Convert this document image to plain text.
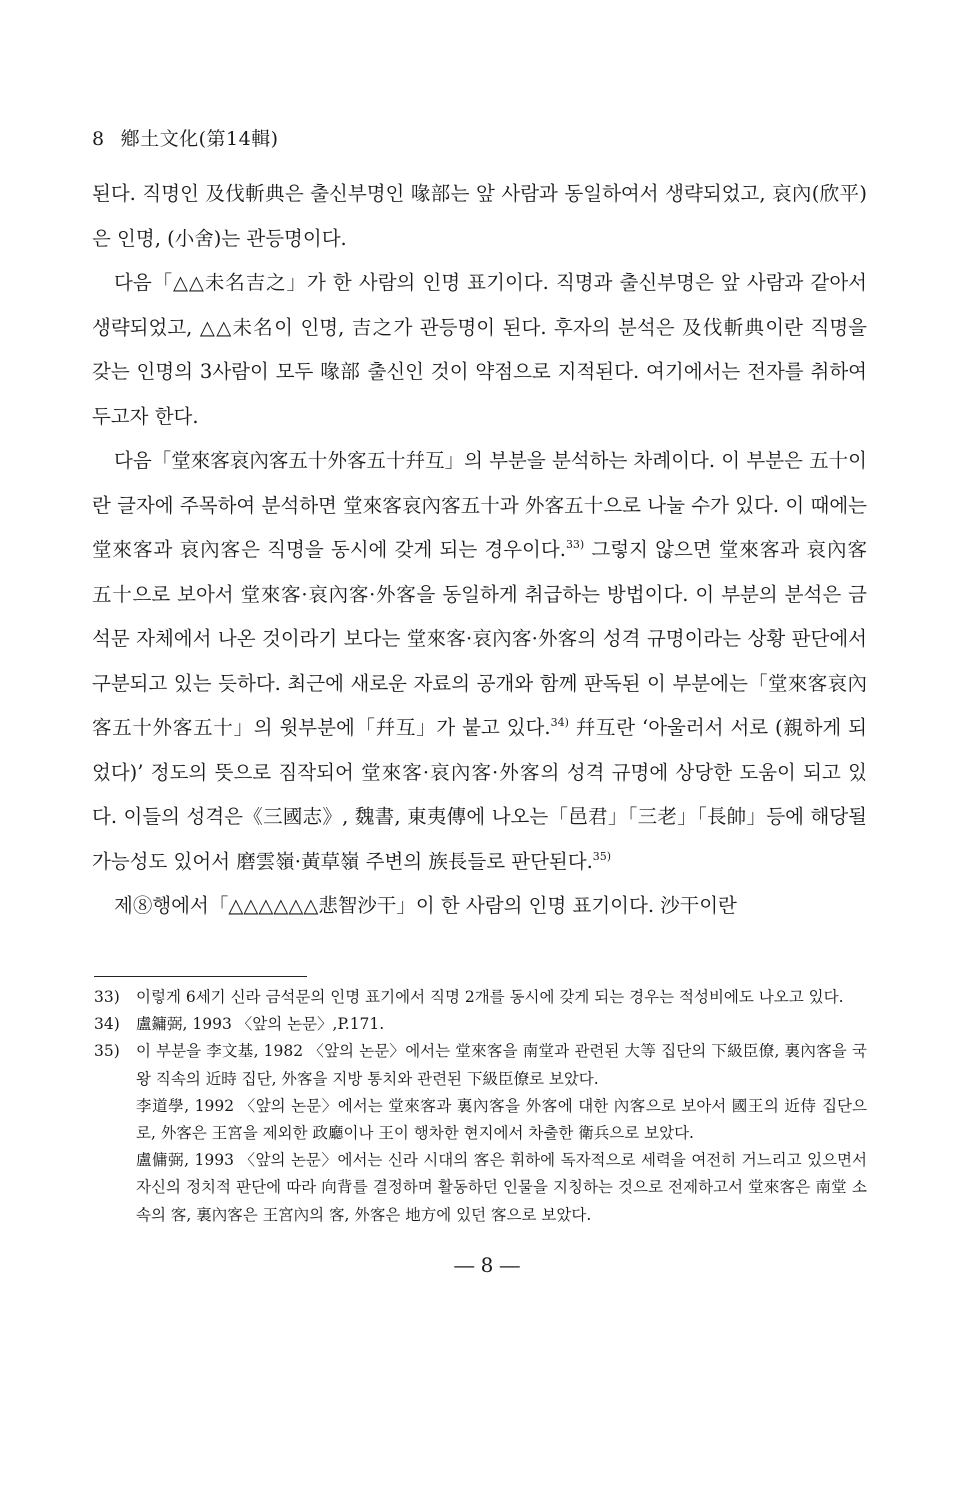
8 鄕土文化(第14輯)

된다. 직명인 及伐斬典은 출신부명인 喙部는 앞 사람과 동일하여서 생략되었고, 哀內(欣平)은 인명, (小舍)는 관등명이다.

다음「△△未名吉之」가 한 사람의 인명 표기이다. 직명과 출신부명은 앞 사람과 같아서 생략되었고, △△未名이 인명, 吉之가 관등명이 된다. 후자의 분석은 及伐斬典이란 직명을 갖는 인명의 3사람이 모두 喙部 출신인 것이 약점으로 지적된다. 여기에서는 전자를 취하여 두고자 한다.

다음「堂來客哀內客五十外客五十幷互」의 부분을 분석하는 차례이다. 이 부분은 五十이란 글자에 주목하여 분석하면 堂來客哀內客五十과 外客五十으로 나눌 수가 있다. 이 때에는 堂來客과 哀內客은 직명을 동시에 갖게 되는 경우이다.$^{33)}$ 그렇지 않으면 堂來客과 哀內客 五十으로 보아서 堂來客·哀內客·外客을 동일하게 취급하는 방법이다. 이 부분의 분석은 금석문 자체에서 나온 것이라기 보다는 堂來客·哀內客·外客의 성격 규명이라는 상황 판단에서 구분되고 있는 듯하다. 최근에 새로운 자료의 공개와 함께 판독된 이 부분에는「堂來客哀內客五十外客五十」의 윗부분에「幷互」가 붙고 있다.$^{34)}$ 幷互란 ‘아울러서 서로 (親하게 되었다)’ 정도의 뜻으로 짐작되어 堂來客·哀內客·外客의 성격 규명에 상당한 도움이 되고 있다. 이들의 성격은《三國志》, 魏書, 東夷傳에 나오는「邑君」「三老」「長帥」등에 해당될 가능성도 있어서 磨雲嶺·黃草嶺 주변의 族長들로 판단된다.$^{35)}$

제⑧행에서「△△△△△△悲智沙干」이 한 사람의 인명 표기이다. 沙干이란

33)	이렇게 6세기 신라 금석문의 인명 표기에서 직명 2개를 동시에 갖게 되는 경우는 적성비에도 나오고 있다.
34)	盧鏞弼, 1993 〈앞의 논문〉,P.171.
35)	이 부분을 李文基, 1982 〈앞의 논문〉에서는 堂來客을 南堂과 관련된 大等 집단의 下級臣僚, 裏內客을 국왕 직속의 近時 집단, 外客을 지방 통치와 관련된 下級臣僚로 보았다.
李道學, 1992 〈앞의 논문〉에서는 堂來客과 裏內客을 外客에 대한 內客으로 보아서 國王의 近侍 집단으로, 外客은 王宮을 제외한 政廳이나 王이 행차한 현지에서 차출한 衛兵으로 보았다.
盧傭弼, 1993 〈앞의 논문〉에서는 신라 시대의 客은 휘하에 독자적으로 세력을 여전히 거느리고 있으면서 자신의 정치적 판단에 따라 向背를 결정하며 활동하던 인물을 지칭하는 것으로 전제하고서 堂來客은 南堂 소속의 客, 裏內客은 王宮內의 客, 外客은 地方에 있던 客으로 보았다.
― 8 ―
